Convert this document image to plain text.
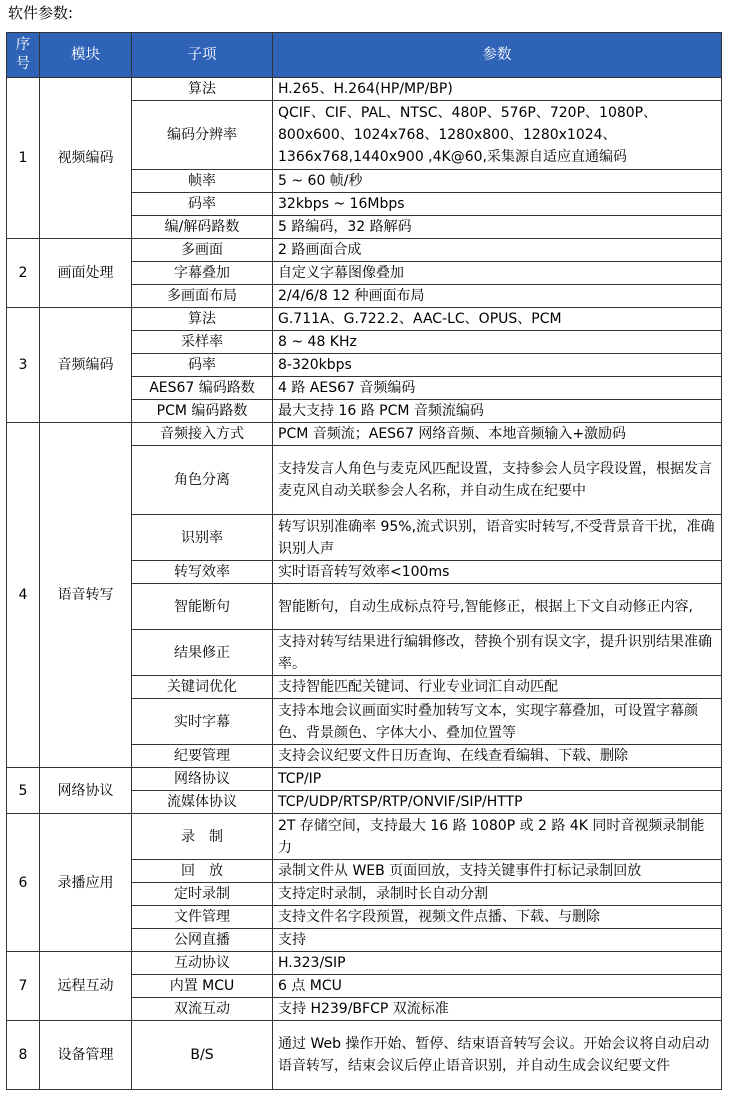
软件参数:
序
号	模块	子项	参数
1	视频编码	算法	H.265、H.264(HP/MP/BP)
		编码分辨率	QCIF、CIF、PAL、NTSC、480P、576P、720P、1080P、800x600、1024x768、1280x800、1280x1024、1366x768,1440x900 ,4K@60,采集源自适应直通编码
		帧率	5 ~ 60 帧/秒
		码率	32kbps ~ 16Mbps
		编/解码路数	5 路编码，32 路解码
2	画面处理	多画面	2 路画面合成
		字幕叠加	自定义字幕图像叠加
		多画面布局	2/4/6/8 12 种画面布局
3	音频编码	算法	G.711A、G.722.2、AAC-LC、OPUS、PCM
		采样率	8 ~ 48 KHz
		码率	8-320kbps
		AES67 编码路数	4 路 AES67 音频编码
		PCM 编码路数	最大支持 16 路 PCM 音频流编码
4	语音转写	音频接入方式	PCM 音频流；AES67 网络音频、本地音频输入+激励码
		角色分离	支持发言人角色与麦克风匹配设置，支持参会人员字段设置，根据发言麦克风自动关联参会人名称，并自动生成在纪要中
		识别率	转写识别准确率 95%,流式识别，语音实时转写,不受背景音干扰，准确识别人声
		转写效率	实时语音转写效率<100ms
		智能断句	智能断句，自动生成标点符号,智能修正，根据上下文自动修正内容,
		结果修正	支持对转写结果进行编辑修改，替换个别有误文字，提升识别结果准确率。
		关键词优化	支持智能匹配关键词、行业专业词汇自动匹配
		实时字幕	支持本地会议画面实时叠加转写文本，实现字幕叠加，可设置字幕颜色、背景颜色、字体大小、叠加位置等
		纪要管理	支持会议纪要文件日历查询、在线查看编辑、下载、删除
5	网络协议	网络协议	TCP/IP
		流媒体协议	TCP/UDP/RTSP/RTP/ONVIF/SIP/HTTP
6	录播应用	录　制	2T 存储空间，支持最大 16 路 1080P 或 2 路 4K 同时音视频录制能力
		回　放	录制文件从 WEB 页面回放，支持关键事件打标记录制回放
		定时录制	支持定时录制，录制时长自动分割
		文件管理	支持文件名字段预置，视频文件点播、下载、与删除
		公网直播	支持
7	远程互动	互动协议	H.323/SIP
		内置 MCU	6 点 MCU
		双流互动	支持 H239/BFCP 双流标准
8	设备管理	B/S	通过 Web 操作开始、暂停、结束语音转写会议。开始会议将自动启动语音转写，结束会议后停止语音识别，并自动生成会议纪要文件
